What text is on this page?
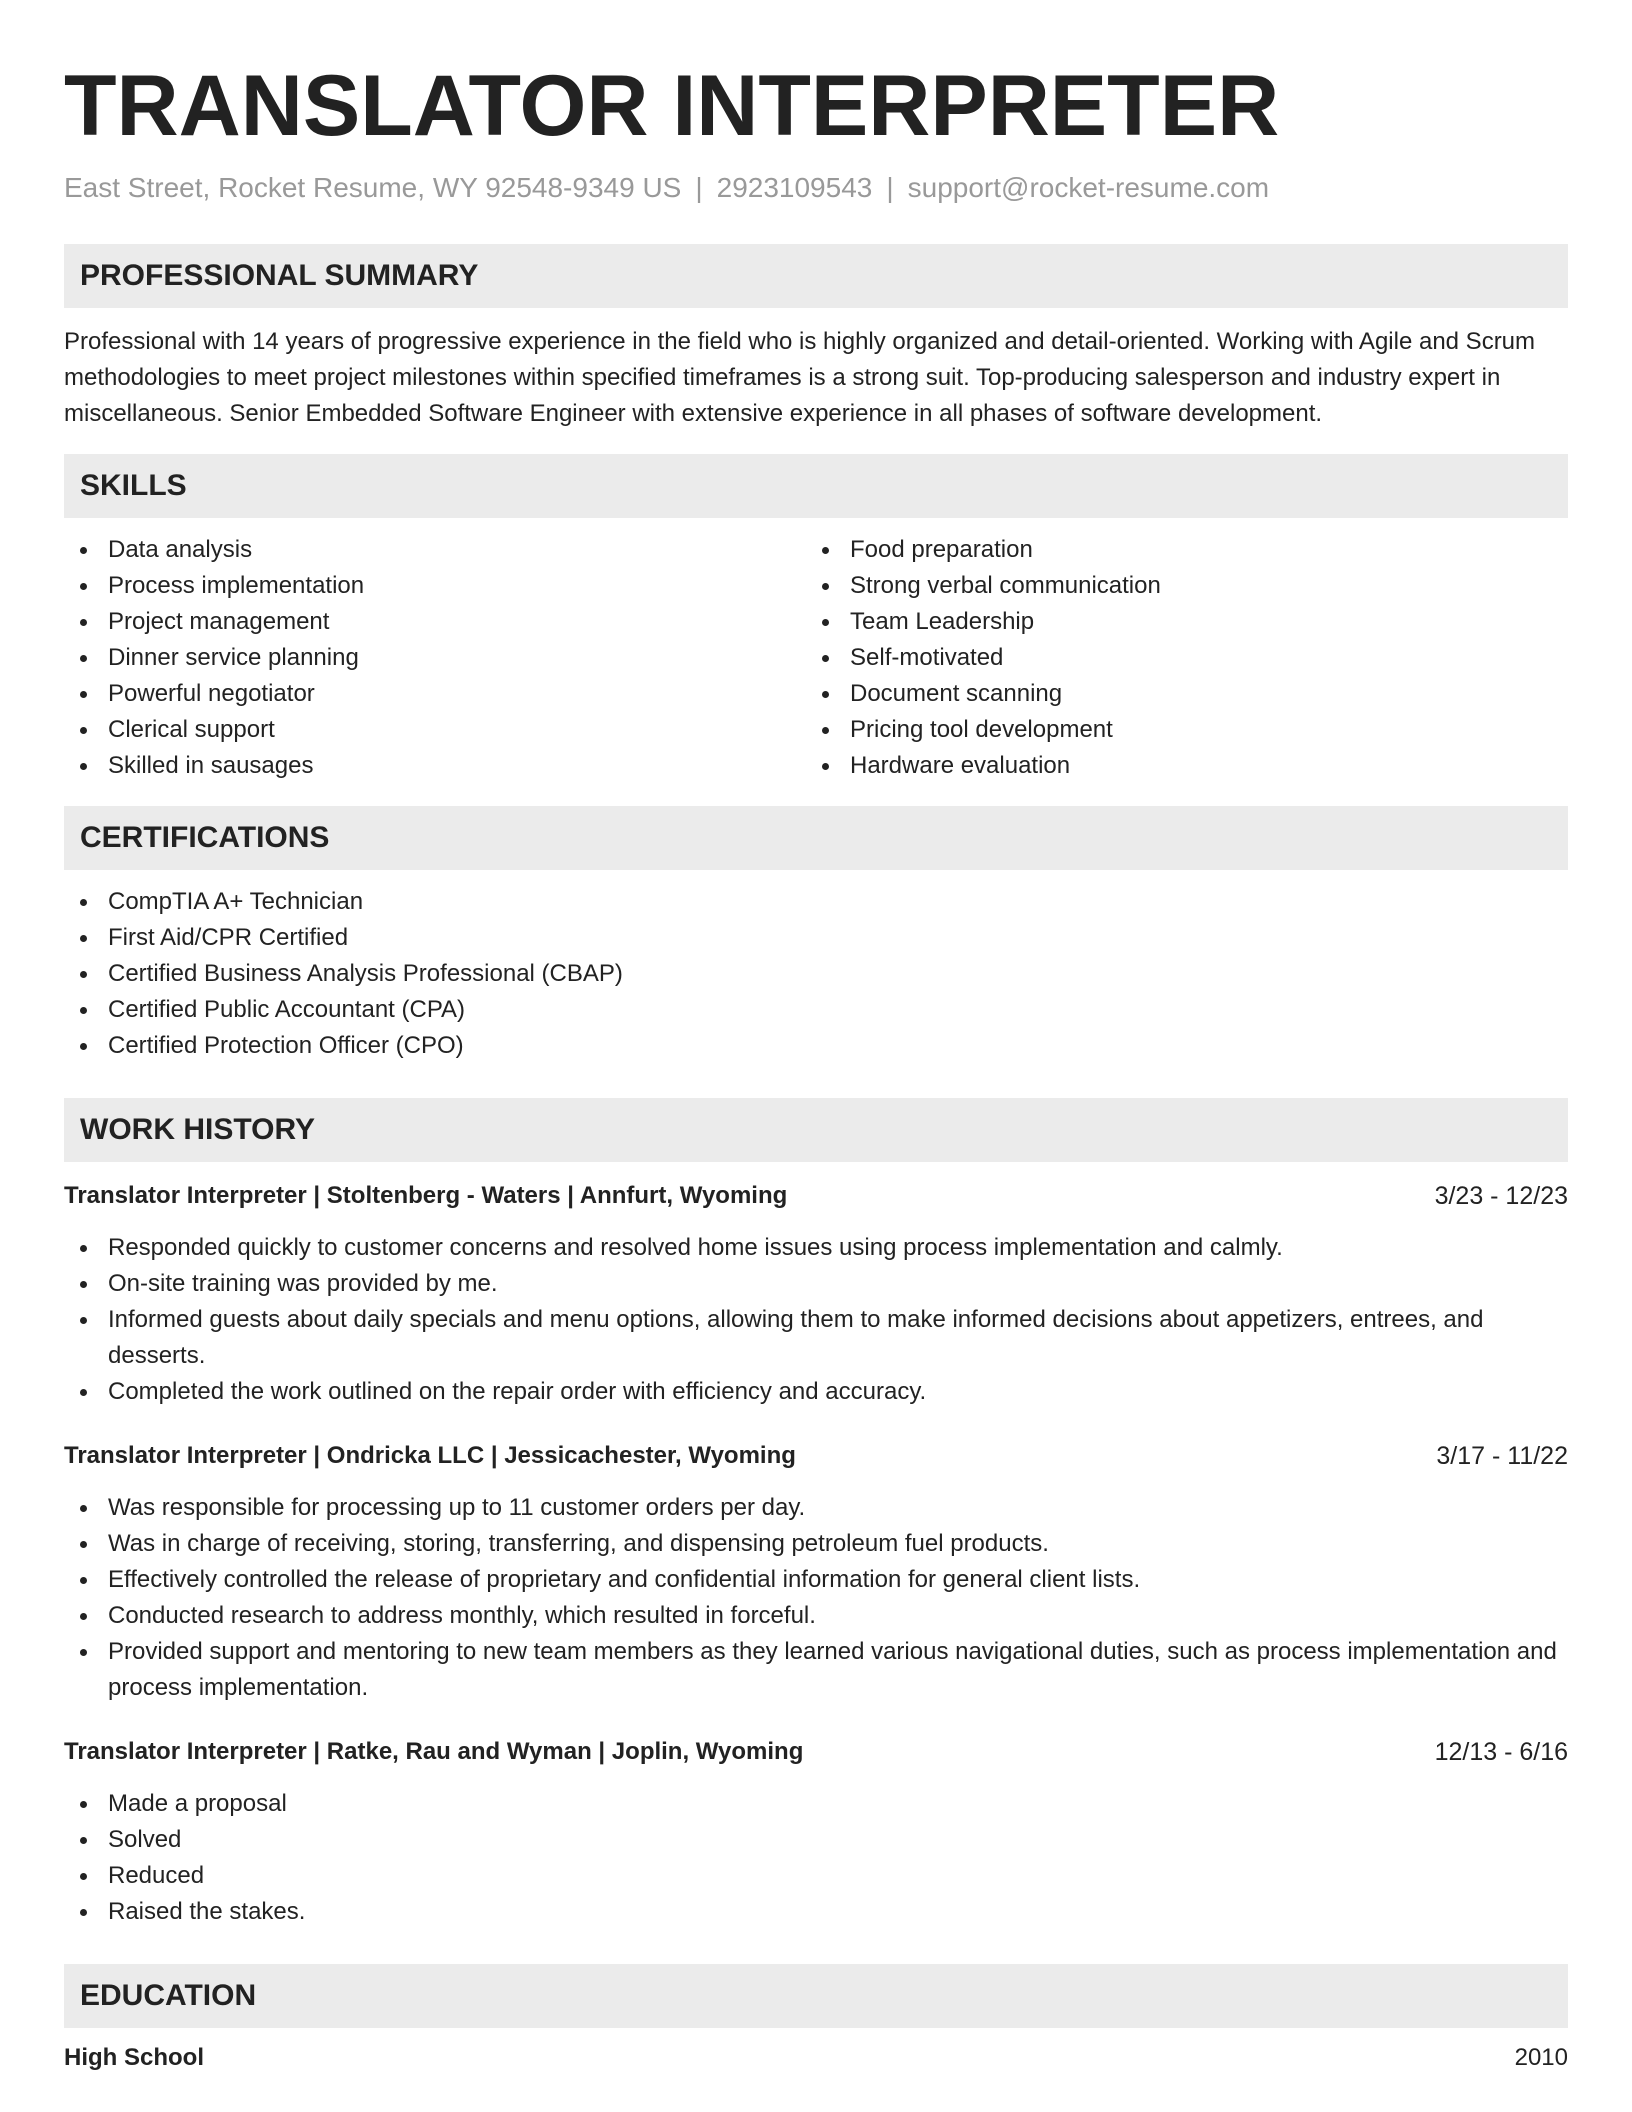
TRANSLATOR INTERPRETER
East Street, Rocket Resume, WY 92548-9349 US | 2923109543 | support@rocket-resume.com
PROFESSIONAL SUMMARY

Professional with 14 years of progressive experience in the field who is highly organized and detail-oriented. Working with Agile and Scrum methodologies to meet project milestones within specified timeframes is a strong suit. Top-producing salesperson and industry expert in miscellaneous. Senior Embedded Software Engineer with extensive experience in all phases of software development.

SKILLS
Data analysis
Process implementation
Project management
Dinner service planning
Powerful negotiator
Clerical support
Skilled in sausages
Food preparation
Strong verbal communication
Team Leadership
Self-motivated
Document scanning
Pricing tool development
Hardware evaluation
CERTIFICATIONS
CompTIA A+ Technician
First Aid/CPR Certified
Certified Business Analysis Professional (CBAP)
Certified Public Accountant (CPA)
Certified Protection Officer (CPO)
WORK HISTORY
Translator Interpreter | Stoltenberg - Waters | Annfurt, Wyoming	3/23 - 12/23
Responded quickly to customer concerns and resolved home issues using process implementation and calmly.
On-site training was provided by me.
Informed guests about daily specials and menu options, allowing them to make informed decisions about appetizers, entrees, and desserts.
Completed the work outlined on the repair order with efficiency and accuracy.
Translator Interpreter | Ondricka LLC | Jessicachester, Wyoming	3/17 - 11/22
Was responsible for processing up to 11 customer orders per day.
Was in charge of receiving, storing, transferring, and dispensing petroleum fuel products.
Effectively controlled the release of proprietary and confidential information for general client lists.
Conducted research to address monthly, which resulted in forceful.
Provided support and mentoring to new team members as they learned various navigational duties, such as process implementation and process implementation.
Translator Interpreter | Ratke, Rau and Wyman | Joplin, Wyoming	12/13 - 6/16
Made a proposal
Solved
Reduced
Raised the stakes.
EDUCATION
High School	2010
